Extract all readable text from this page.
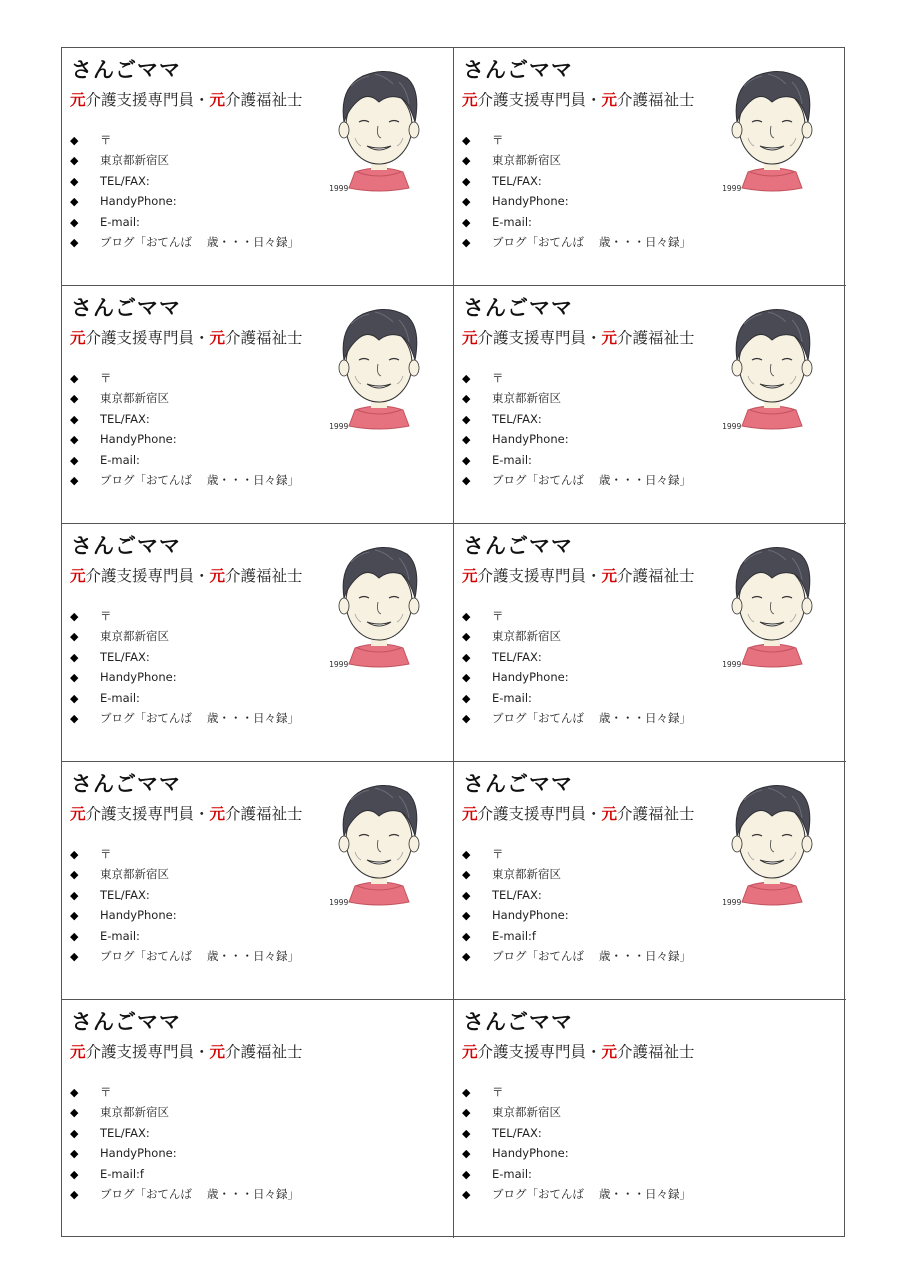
さんごママ
元介護支援専門員・元介護福祉士
◆ 〒
◆ 東京都新宿区
◆ TEL/FAX:
◆ HandyPhone:
◆ E-mail:
◆ ブログ「おてんば　 歳・・・日々録」
1999
さんごママ
元介護支援専門員・元介護福祉士
◆ 〒
◆ 東京都新宿区
◆ TEL/FAX:
◆ HandyPhone:
◆ E-mail:
◆ ブログ「おてんば　 歳・・・日々録」
1999
さんごママ
元介護支援専門員・元介護福祉士
◆ 〒
◆ 東京都新宿区
◆ TEL/FAX:
◆ HandyPhone:
◆ E-mail:
◆ ブログ「おてんば　 歳・・・日々録」
1999
さんごママ
元介護支援専門員・元介護福祉士
◆ 〒
◆ 東京都新宿区
◆ TEL/FAX:
◆ HandyPhone:
◆ E-mail:
◆ ブログ「おてんば　 歳・・・日々録」
1999
さんごママ
元介護支援専門員・元介護福祉士
◆ 〒
◆ 東京都新宿区
◆ TEL/FAX:
◆ HandyPhone:
◆ E-mail:
◆ ブログ「おてんば　 歳・・・日々録」
1999
さんごママ
元介護支援専門員・元介護福祉士
◆ 〒
◆ 東京都新宿区
◆ TEL/FAX:
◆ HandyPhone:
◆ E-mail:
◆ ブログ「おてんば　 歳・・・日々録」
1999
さんごママ
元介護支援専門員・元介護福祉士
◆ 〒
◆ 東京都新宿区
◆ TEL/FAX:
◆ HandyPhone:
◆ E-mail:
◆ ブログ「おてんば　 歳・・・日々録」
1999
さんごママ
元介護支援専門員・元介護福祉士
◆ 〒
◆ 東京都新宿区
◆ TEL/FAX:
◆ HandyPhone:
◆ E-mail:f
◆ ブログ「おてんば　 歳・・・日々録」
1999
さんごママ
元介護支援専門員・元介護福祉士
◆ 〒
◆ 東京都新宿区
◆ TEL/FAX:
◆ HandyPhone:
◆ E-mail:f
◆ ブログ「おてんば　 歳・・・日々録」
さんごママ
元介護支援専門員・元介護福祉士
◆ 〒
◆ 東京都新宿区
◆ TEL/FAX:
◆ HandyPhone:
◆ E-mail:
◆ ブログ「おてんば　 歳・・・日々録」
